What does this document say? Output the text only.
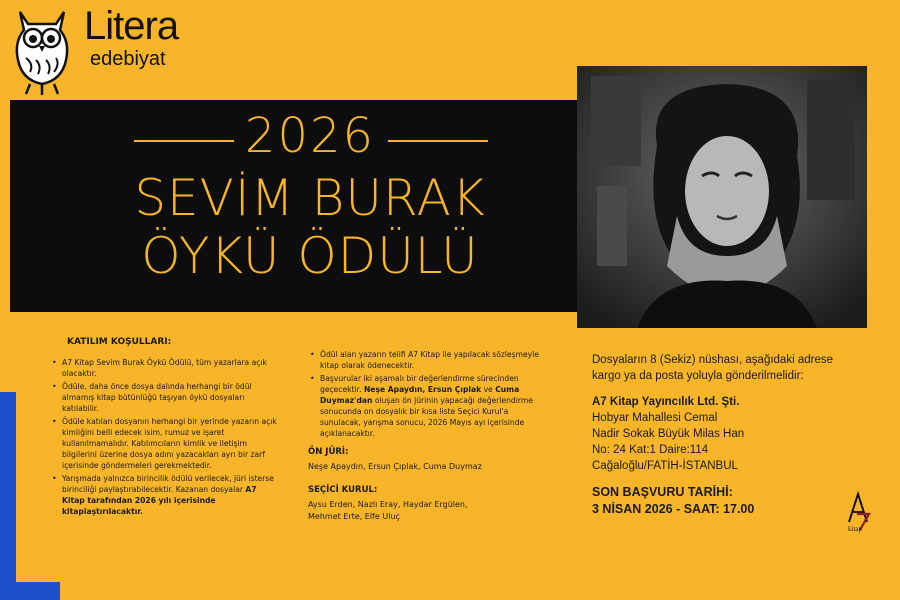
Litera
edebiyat
2026
SEVİM BURAK
ÖYKÜ ÖDÜLÜ
KATILIM KOŞULLARI:
• A7 Kitap Sevim Burak Öykü Ödülü, tüm yazarlara açık olacaktır.
• Ödüle, daha önce dosya dalında herhangi bir ödül almamış kitap bütünlüğü taşıyan öykü dosyaları katılabilir.
• Ödüle katılan dosyanın herhangi bir yerinde yazarın açık kimliğini belli edecek isim, rumuz ve işaret kullanılmamalıdır. Katılımcıların kimlik ve iletişim bilgilerini üzerine dosya adını yazacakları ayrı bir zarf içerisinde göndermeleri gerekmektedir.
• Yarışmada yalnızca birincilik ödülü verilecek, jüri isterse birinciliği paylaştırabilecektir. Kazanan dosyalar A7 Kitap tarafından 2026 yılı içerisinde kitaplaştırılacaktır.
• Ödül alan yazarın telifi A7 Kitap ile yapılacak sözleşmeyle kitap olarak ödenecektir.
• Başvurular iki aşamalı bir değerlendirme sürecinden geçecektir. Neşe Apaydın, Ersun Çıplak ve Cuma Duymaz'dan oluşan ön jürinin yapacağı değerlendirme sonucunda on dosyalık bir kısa liste Seçici Kurul'a sunulacak, yarışma sonucu, 2026 Mayıs ayı içerisinde açıklanacaktır.
ÖN JÜRİ:
Neşe Apaydın, Ersun Çıplak, Cuma Duymaz
SEÇİCİ KURUL:
Aysu Erden, Nazlı Eray, Haydar Ergülen,
Mehmet Erte, Elfe Uluç
Dosyaların 8 (Sekiz) nüshası, aşağıdaki adrese kargo ya da posta yoluyla gönderilmelidir:
A7 Kitap Yayıncılık Ltd. Şti.
Hobyar Mahallesi Cemal
Nadir Sokak Büyük Milas Han
No: 24 Kat:1 Daire:114
Cağaloğlu/FATİH-İSTANBUL
SON BAŞVURU TARİHİ:
3 NİSAN 2026 - SAAT: 17.00
kitap
